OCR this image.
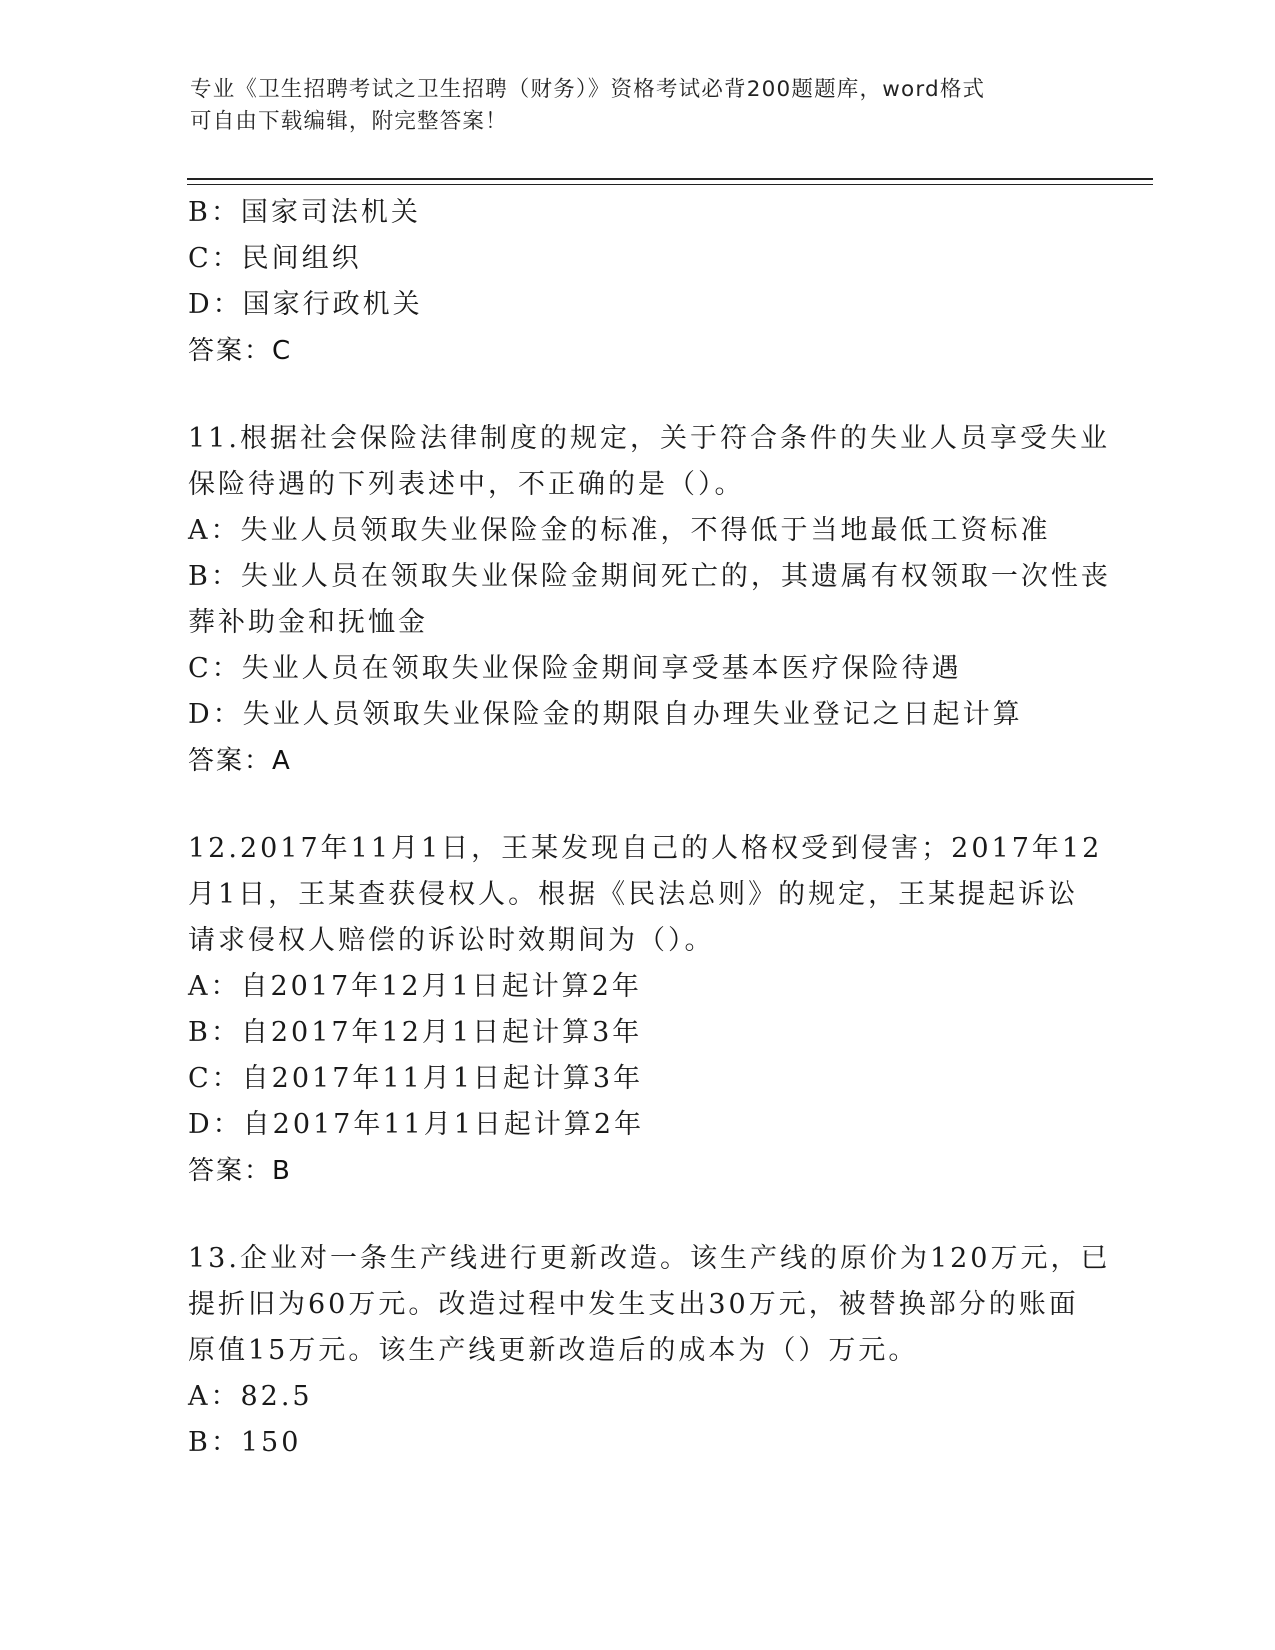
专业《卫生招聘考试之卫生招聘（财务）》资格考试必背200题题库，word格式
可自由下载编辑，附完整答案！
B：国家司法机关
C：民间组织
D：国家行政机关
答案：C
11.根据社会保险法律制度的规定，关于符合条件的失业人员享受失业
保险待遇的下列表述中，不正确的是（）。
A：失业人员领取失业保险金的标准，不得低于当地最低工资标准
B：失业人员在领取失业保险金期间死亡的，其遗属有权领取一次性丧
葬补助金和抚恤金
C：失业人员在领取失业保险金期间享受基本医疗保险待遇
D：失业人员领取失业保险金的期限自办理失业登记之日起计算
答案：A
12.2017年11月1日，王某发现自己的人格权受到侵害；2017年12
月1日，王某查获侵权人。根据《民法总则》的规定，王某提起诉讼
请求侵权人赔偿的诉讼时效期间为（）。
A：自2017年12月1日起计算2年
B：自2017年12月1日起计算3年
C：自2017年11月1日起计算3年
D：自2017年11月1日起计算2年
答案：B
13.企业对一条生产线进行更新改造。该生产线的原价为120万元，已
提折旧为60万元。改造过程中发生支出30万元，被替换部分的账面
原值15万元。该生产线更新改造后的成本为（）万元。
A：82.5
B：150
